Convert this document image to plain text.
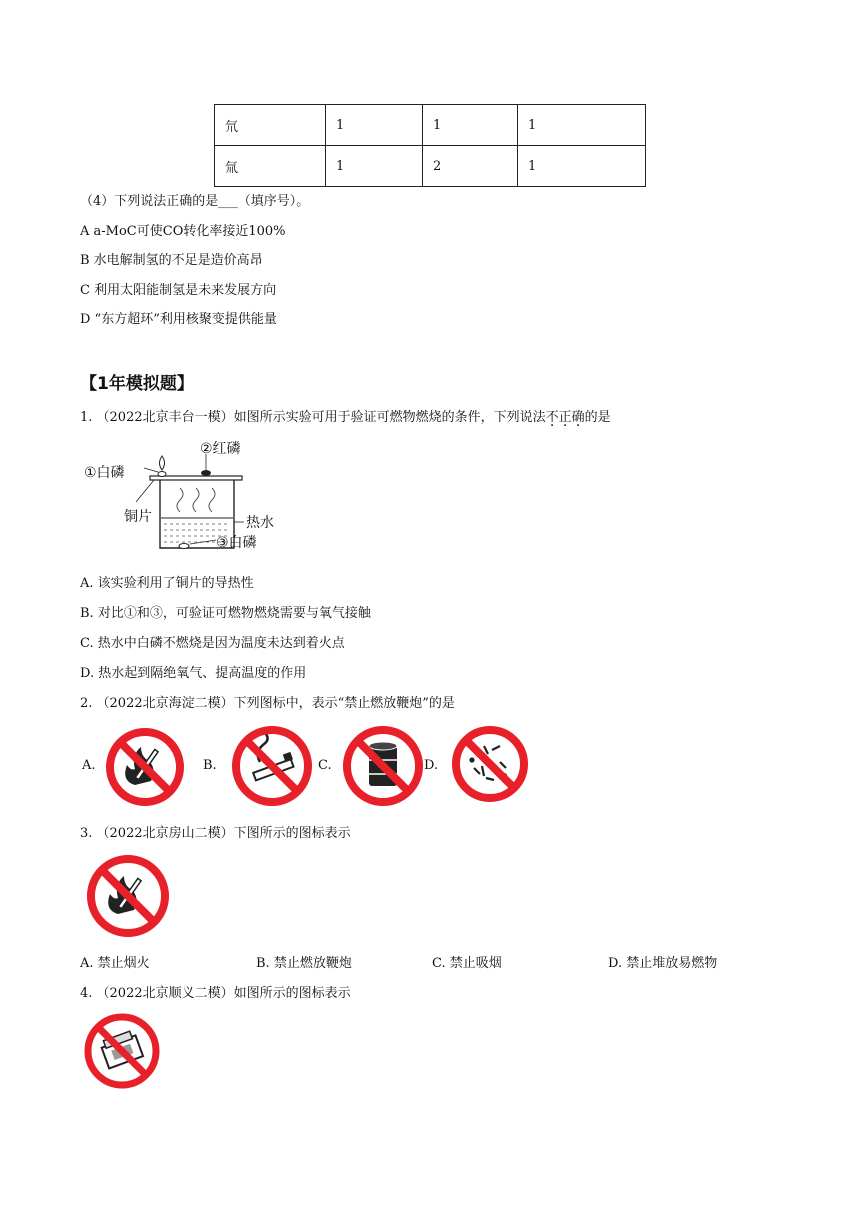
氘	1	1	1
氚	1	2	1
（4）下列说法正确的是___（填序号）。
A a-MoC可使CO转化率接近100%
B 水电解制氢的不足是造价高昂
C 利用太阳能制氢是未来发展方向
D “东方超环”利用核聚变提供能量
【1年模拟题】
1. （2022北京丰台一模）如图所示实验可用于验证可燃物燃烧的条件，下列说法不正确的是
①白磷
②红磷
铜片	热水
③白磷
A. 该实验利用了铜片的导热性
B. 对比①和③，可验证可燃物燃烧需要与氧气接触
C. 热水中白磷不燃烧是因为温度未达到着火点
D. 热水起到隔绝氧气、提高温度的作用
2. （2022北京海淀二模）下列图标中，表示“禁止燃放鞭炮”的是
A.	B.	C.	D.
3. （2022北京房山二模）下图所示的图标表示
A. 禁止烟火	B. 禁止燃放鞭炮	C. 禁止吸烟	D. 禁止堆放易燃物
4. （2022北京顺义二模）如图所示的图标表示
